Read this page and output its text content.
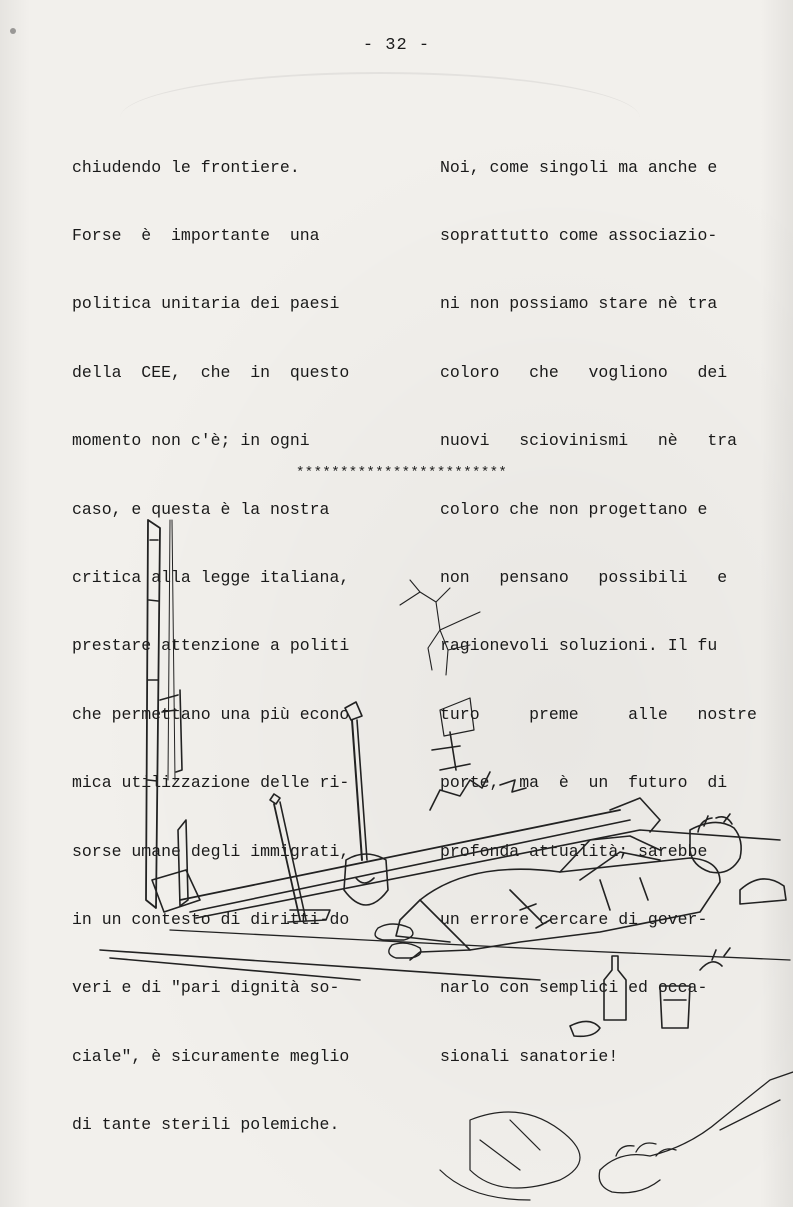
- 32 -

chiudendo le frontiere.

Forse  è  importante  una

politica unitaria dei paesi

della  CEE,  che  in  questo

momento non c'è; in ogni

caso, e questa è la nostra

critica alla legge italiana,

prestare attenzione a politi

che permettano una più econo

mica utilizzazione delle ri-

sorse umane degli immigrati,

in un contesto di diritti-do

veri e di "pari dignità so-

ciale", è sicuramente meglio

di tante sterili polemiche.

Noi, come singoli ma anche e

soprattutto come associazio-

ni non possiamo stare nè tra

coloro   che   vogliono   dei

nuovi   sciovinismi   nè   tra

coloro che non progettano e

non   pensano   possibili   e

ragionevoli soluzioni. Il fu

turo     preme     alle   nostre

porte,  ma  è  un  futuro  di

profonda attualità; sarebbe

un errore cercare di gover-

narlo con semplici ed occa-

sionali sanatorie!

************************
